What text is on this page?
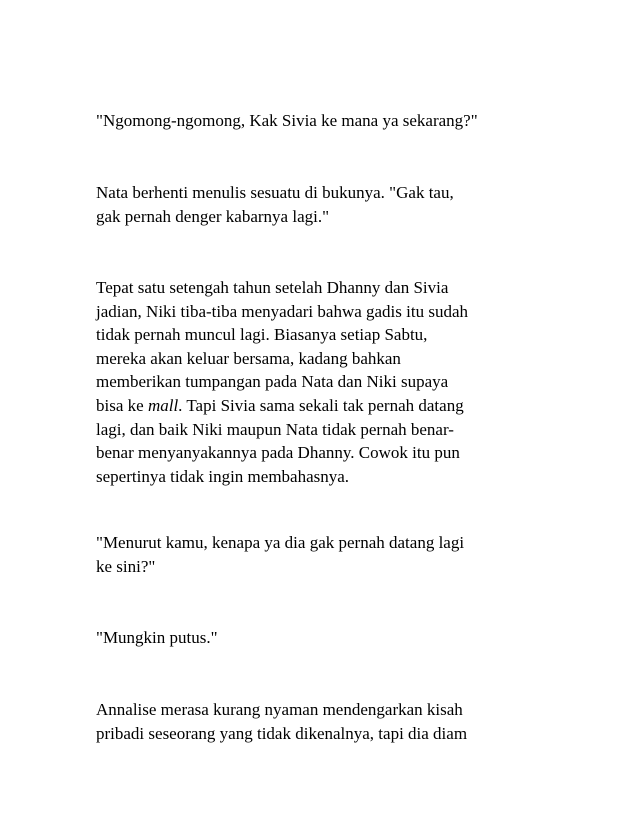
"Ngomong-ngomong, Kak Sivia ke mana ya sekarang?"

Nata berhenti menulis sesuatu di bukunya. "Gak tau,
gak pernah denger kabarnya lagi."

Tepat satu setengah tahun setelah Dhanny dan Sivia
jadian, Niki tiba-tiba menyadari bahwa gadis itu sudah
tidak pernah muncul lagi. Biasanya setiap Sabtu,
mereka akan keluar bersama, kadang bahkan
memberikan tumpangan pada Nata dan Niki supaya
bisa ke mall. Tapi Sivia sama sekali tak pernah datang
lagi, dan baik Niki maupun Nata tidak pernah benar-
benar menyanyakannya pada Dhanny. Cowok itu pun
sepertinya tidak ingin membahasnya.

"Menurut kamu, kenapa ya dia gak pernah datang lagi
ke sini?"

"Mungkin putus."

Annalise merasa kurang nyaman mendengarkan kisah
pribadi seseorang yang tidak dikenalnya, tapi dia diam
